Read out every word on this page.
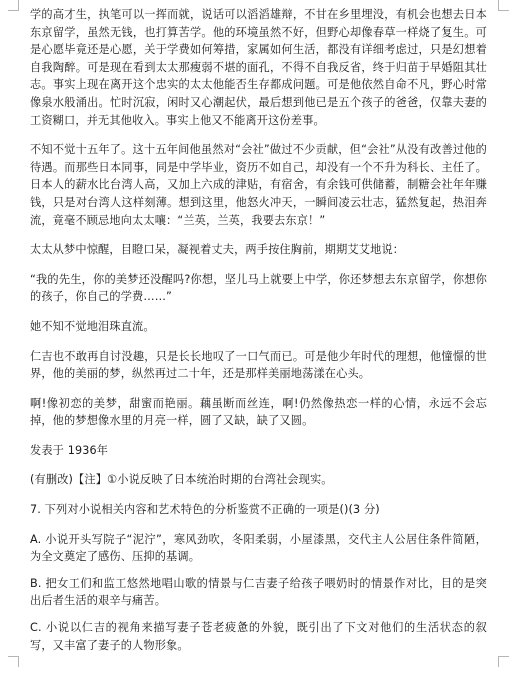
学的高才生，执笔可以一挥而就，说话可以滔滔雄辩，不甘在乡里埋没，有机会也想去日本东京留学，虽然无钱，也打算苦学。他的环境虽然不好，但野心却像春草一样烧了复生。可是心愿毕竟还是心愿，关于学费如何筹措，家属如何生活，都没有详细考虑过，只是幻想着自我陶醉。可是现在看到太太那瘦弱不堪的面孔，不得不自我反省，终于归苗于早婚阻其壮志。事实上现在离开这个忠实的太太他能否生存都成问题。可是他依然自命不凡，野心时常像泉水般涌出。忙时沉寂，闲时又心潮起伏，最后想到他已是五个孩子的爸爸，仅靠夫妻的工资糊口，并无其他收入。事实上他又不能离开这份差事。

不知不觉十五年了。这十五年间他虽然对“会社”做过不少贡献，但“会社”从没有改善过他的待遇。而那些日本同事，同是中学毕业，资历不如自己，却没有一个不升为科长、主任了。日本人的薪水比台湾人高，又加上六成的津贴，有宿舍，有余钱可供储蓄，制糖会社年年赚钱，只是对台湾人这样刻薄。想到这里，他怒火冲天，一瞬间凌云壮志，猛然复起，热泪奔流，竟毫不顾忌地向太太嚷：“兰英，兰英，我要去东京！”

太太从梦中惊醒，目瞪口呆，凝视着丈夫，两手按住胸前，期期艾艾地说：

“我的先生，你的美梦还没醒吗?你想，坚儿马上就要上中学，你还梦想去东京留学，你想你的孩子，你自己的学费……”

她不知不觉地泪珠直流。

仁吉也不敢再自讨没趣，只是长长地叹了一口气而已。可是他少年时代的理想，他憧憬的世界，他的美丽的梦，纵然再过二十年，还是那样美丽地荡漾在心头。

啊!像初恋的美梦，甜蜜而艳丽。藕虽断而丝连，啊!仍然像热恋一样的心情，永远不会忘掉，他的梦想像水里的月亮一样，圆了又缺，缺了又圆。

发表于 1936年

(有删改)【注】①小说反映了日本统治时期的台湾社会现实。

7. 下列对小说相关内容和艺术特色的分析鉴赏不正确的一项是()(3 分)

A. 小说开头写院子“泥泞”，寒风劲吹，冬阳柔弱，小屋漆黑，交代主人公居住条件简陋，为全文奠定了感伤、压抑的基调。

B. 把女工们和监工悠然地唱山歌的情景与仁吉妻子给孩子喂奶时的情景作对比，目的是突出后者生活的艰辛与痛苦。

C. 小说以仁吉的视角来描写妻子苍老疲惫的外貌，既引出了下文对他们的生活状态的叙写，又丰富了妻子的人物形象。
